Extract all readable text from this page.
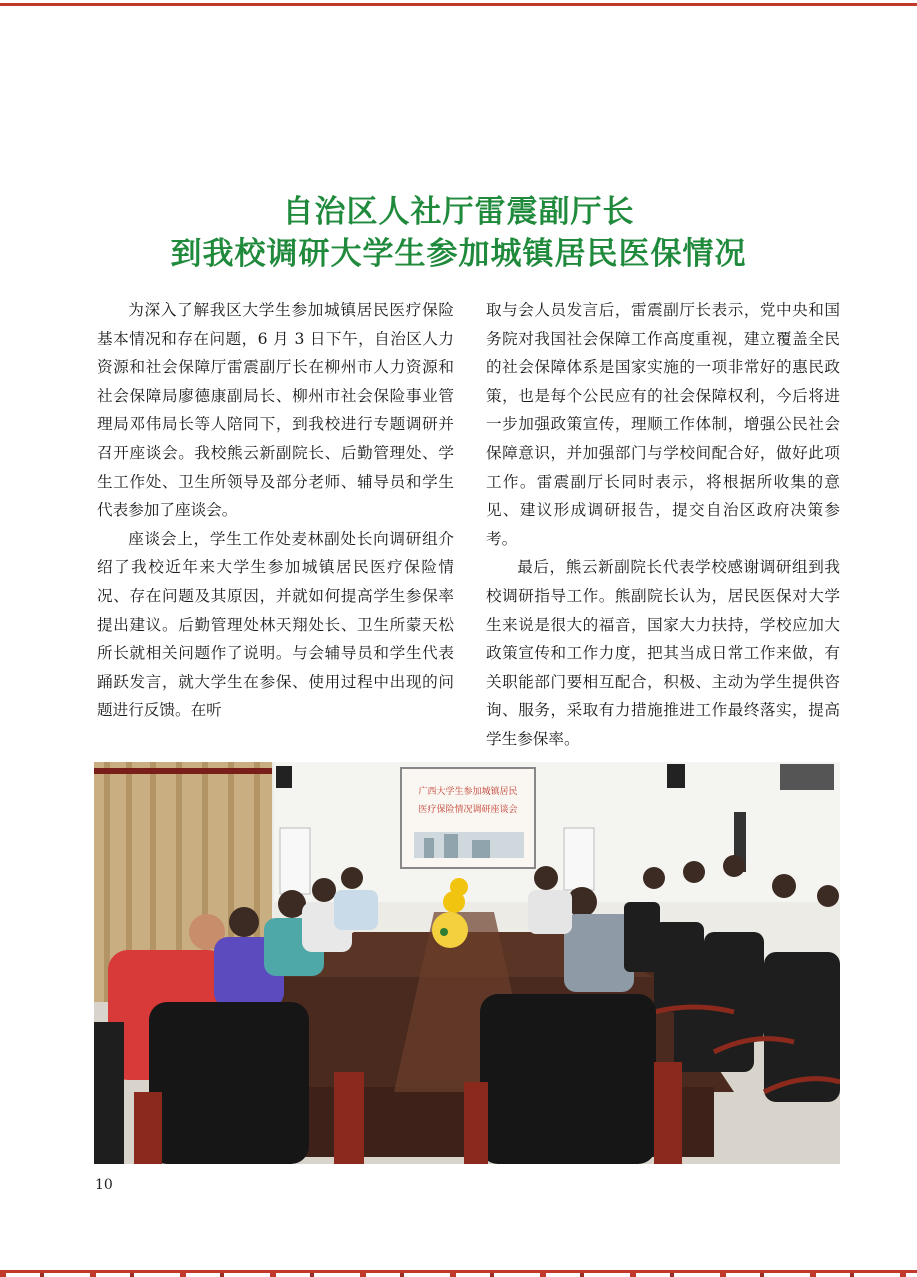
自治区人社厅雷震副厅长
到我校调研大学生参加城镇居民医保情况

为深入了解我区大学生参加城镇居民医疗保险基本情况和存在问题，6 月 3 日下午，自治区人力资源和社会保障厅雷震副厅长在柳州市人力资源和社会保障局廖德康副局长、柳州市社会保险事业管理局邓伟局长等人陪同下，到我校进行专题调研并召开座谈会。我校熊云新副院长、后勤管理处、学生工作处、卫生所领导及部分老师、辅导员和学生代表参加了座谈会。

座谈会上，学生工作处麦林副处长向调研组介绍了我校近年来大学生参加城镇居民医疗保险情况、存在问题及其原因，并就如何提高学生参保率提出建议。后勤管理处林天翔处长、卫生所蒙天松所长就相关问题作了说明。与会辅导员和学生代表踊跃发言，就大学生在参保、使用过程中出现的问题进行反馈。在听

取与会人员发言后，雷震副厅长表示，党中央和国务院对我国社会保障工作高度重视，建立覆盖全民的社会保障体系是国家实施的一项非常好的惠民政策，也是每个公民应有的社会保障权利，今后将进一步加强政策宣传，理顺工作体制，增强公民社会保障意识，并加强部门与学校间配合好，做好此项工作。雷震副厅长同时表示，将根据所收集的意见、建议形成调研报告，提交自治区政府决策参考。

最后，熊云新副院长代表学校感谢调研组到我校调研指导工作。熊副院长认为，居民医保对大学生来说是很大的福音，国家大力扶持，学校应加大政策宣传和工作力度，把其当成日常工作来做，有关职能部门要相互配合，积极、主动为学生提供咨询、服务，采取有力措施推进工作最终落实，提高学生参保率。

广西大学生参加城镇居民
医疗保险情况调研座谈会
10
